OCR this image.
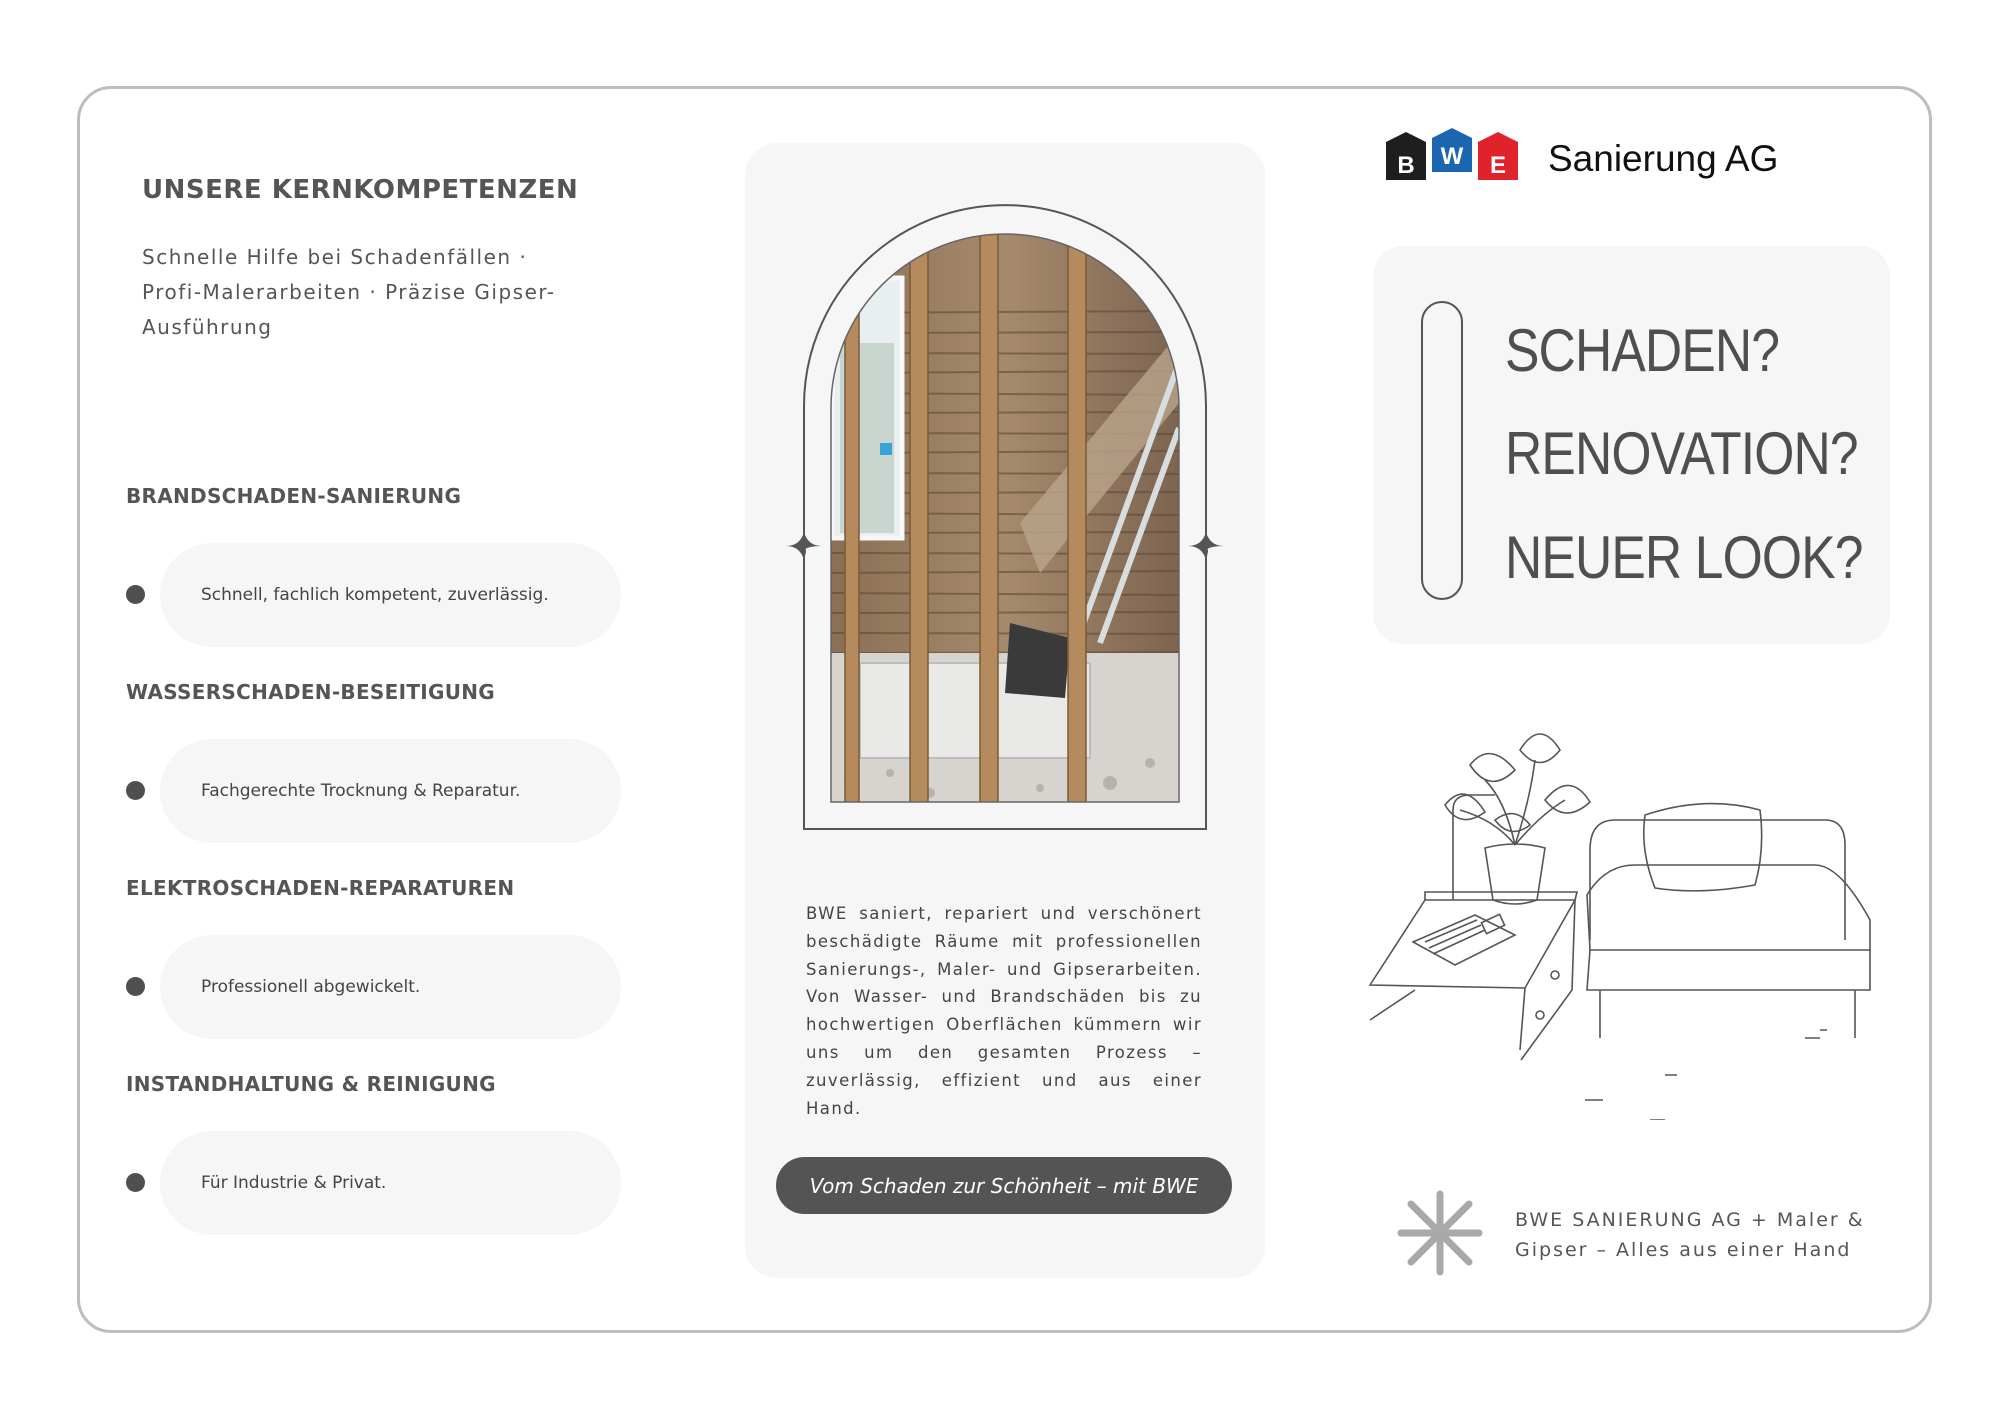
UNSERE KERNKOMPETENZEN
Schnelle Hilfe bei Schadenfällen · Profi-Malerarbeiten · Präzise Gipser-Ausführung
BRANDSCHADEN-SANIERUNG
Schnell, fachlich kompetent, zuverlässig.
WASSERSCHADEN-BESEITIGUNG
Fachgerechte Trocknung & Reparatur.
ELEKTROSCHADEN-REPARATUREN
Professionell abgewickelt.
INSTANDHALTUNG & REINIGUNG
Für Industrie & Privat.
BWE saniert, repariert und verschönert beschädigte Räume mit professionellen Sanierungs-, Maler- und Gipserarbeiten. Von Wasser- und Brandschäden bis zu hochwertigen Oberflächen kümmern wir uns um den gesamten Prozess – zuverlässig, effizient und aus einer Hand.
Vom Schaden zur Schönheit – mit BWE
B W E Sanierung AG
SCHADEN?
RENOVATION?
NEUER LOOK?
BWE SANIERUNG AG + Maler & Gipser – Alles aus einer Hand
